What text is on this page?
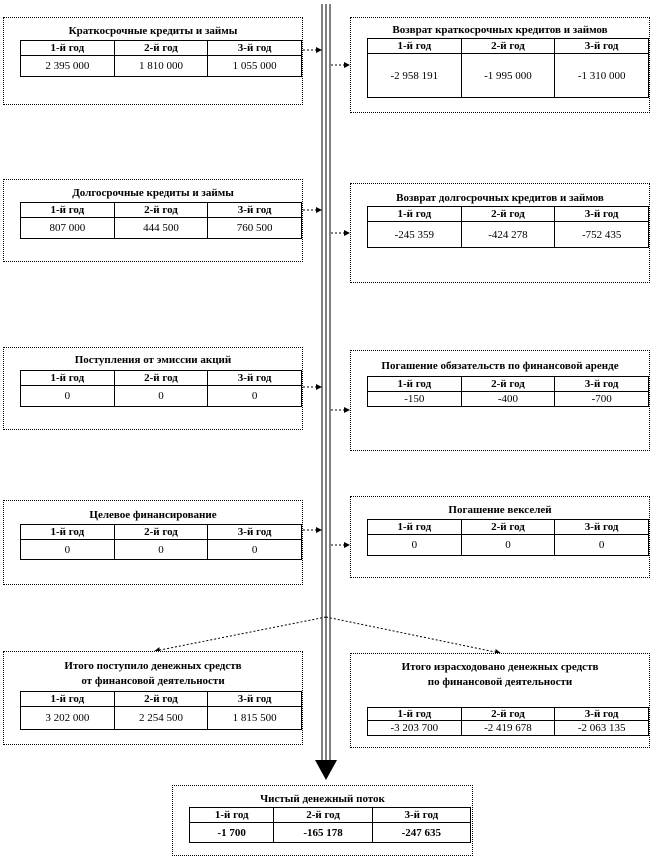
Краткосрочные кредиты и займы
1-й год	2-й год	3-й год
2 395 000	1 810 000	1 055 000
Возврат краткосрочных кредитов и займов
1-й год	2-й год	3-й год
-2 958 191	-1 995 000	-1 310 000
Долгосрочные кредиты и займы
1-й год	2-й год	3-й год
807 000	444 500	760 500
Возврат долгосрочных кредитов и займов
1-й год	2-й год	3-й год
-245 359	-424 278	-752 435
Поступления от эмиссии акций
1-й год	2-й год	3-й год
0	0	0
Погашение обязательств по финансовой аренде
1-й год	2-й год	3-й год
-150	-400	-700
Целевое финансирование
1-й год	2-й год	3-й год
0	0	0
Погашение векселей
1-й год	2-й год	3-й год
0	0	0
Итого поступило денежных средств
от финансовой деятельности
1-й год	2-й год	3-й год
3 202 000	2 254 500	1 815 500
Итого израсходовано денежных средств
по финансовой деятельности
1-й год	2-й год	3-й год
-3 203 700	-2 419 678	-2 063 135
Чистый денежный поток
1-й год	2-й год	3-й год
-1 700	-165 178	-247 635
